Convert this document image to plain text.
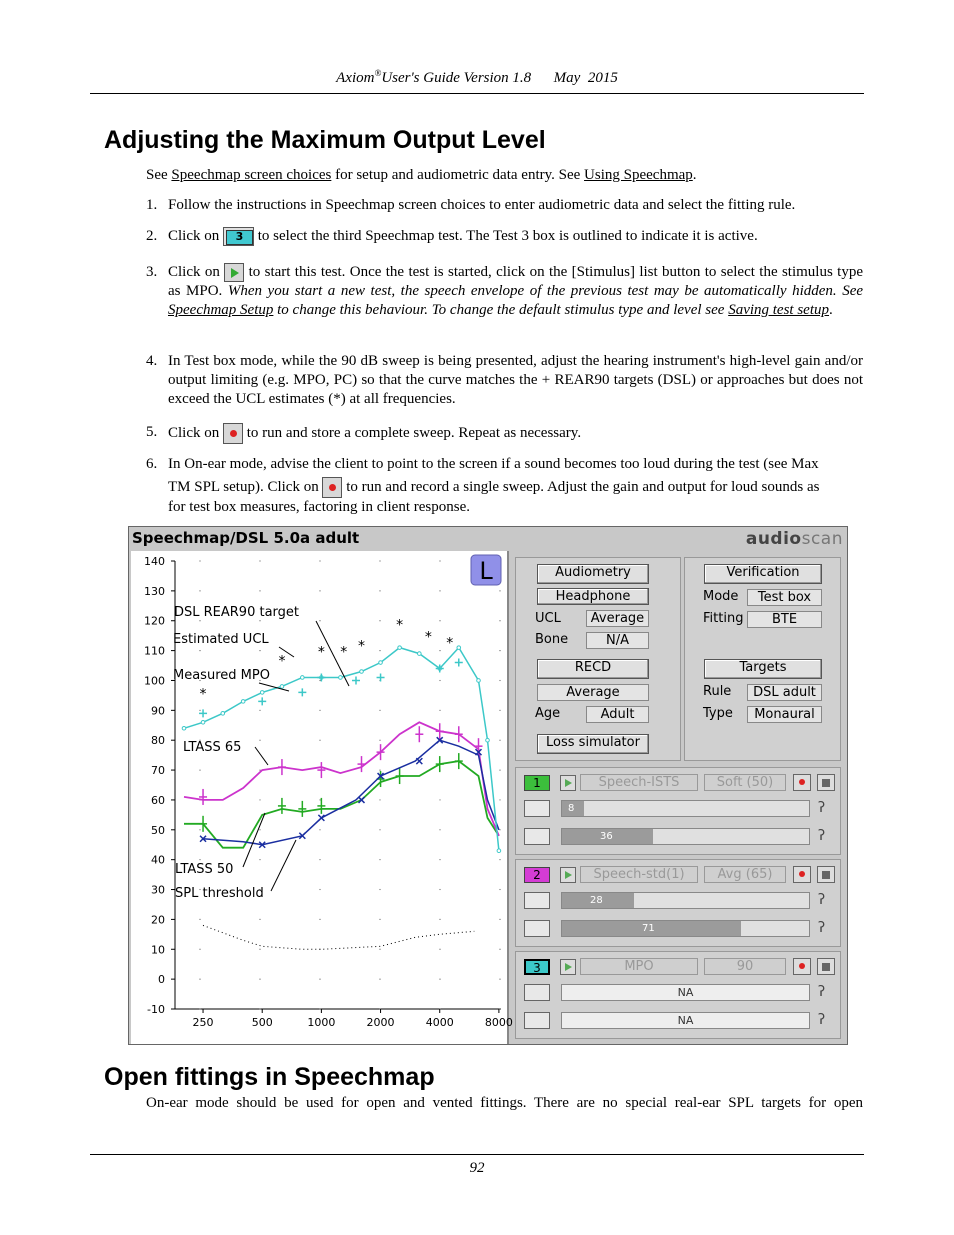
Axiom®User's Guide Version 1.8      May  2015
Adjusting the Maximum Output Level
See Speechmap screen choices for setup and audiometric data entry. See Using Speechmap.
1. Follow the instructions in Speechmap screen choices to enter audiometric data and select the fitting rule.
2. Click on	3 to select the third Speechmap test. The Test 3 box is outlined to indicate it is active.
3. Click on to start this test. Once the test is started, click on the [Stimulus] list button to select the stimulus type as MPO. When you start a new test, the speech envelope of the previous test may be automatically hidden. See Speechmap Setup to change this behaviour. To change the default stimulus type and level see Saving test setup.
4. In Test box mode, while the 90 dB sweep is being presented, adjust the hearing instrument's high-level gain and/or output limiting (e.g. MPO, PC) so that the curve matches the + REAR90 targets (DSL) or approaches but does not exceed the UCL estimates (*) at all frequencies.
5. Click on to run and store a complete sweep. Repeat as necessary.
6. In On-ear mode, advise the client to point to the screen if a sound becomes too loud during the test (see Max
TM SPL setup). Click on to run and record a single sweep. Adjust the gain and output for loud sounds as
for test box measures, factoring in client response.
Speechmap/DSL 5.0a adult	audioscan
140
130
120
110
100
90
80
70
60
50
40
30
20
10
0
-10
250	500	1000	2000	4000	8000
*
*
* * *
*
* *
L
DSL REAR90 target
Estimated UCL
Measured MPO
LTASS 65
LTASS 50
SPL threshold
Audiometry
Headphone
UCL	Average
Bone	N/A
RECD
Average
Age	Adult
Loss simulator
Verification
Mode	Test box
Fitting	BTE
Targets
Rule	DSL adult
Type	Monaural
1	Speech-ISTS	Soft (50)
8	ʔ
36	ʔ
2	Speech-std(1)	Avg (65)
28	ʔ
71	ʔ
3	MPO	90
NA	ʔ
NA	ʔ
Open fittings in Speechmap
On-ear mode should be used for open and vented fittings. There are no special real-ear SPL targets for open
92
